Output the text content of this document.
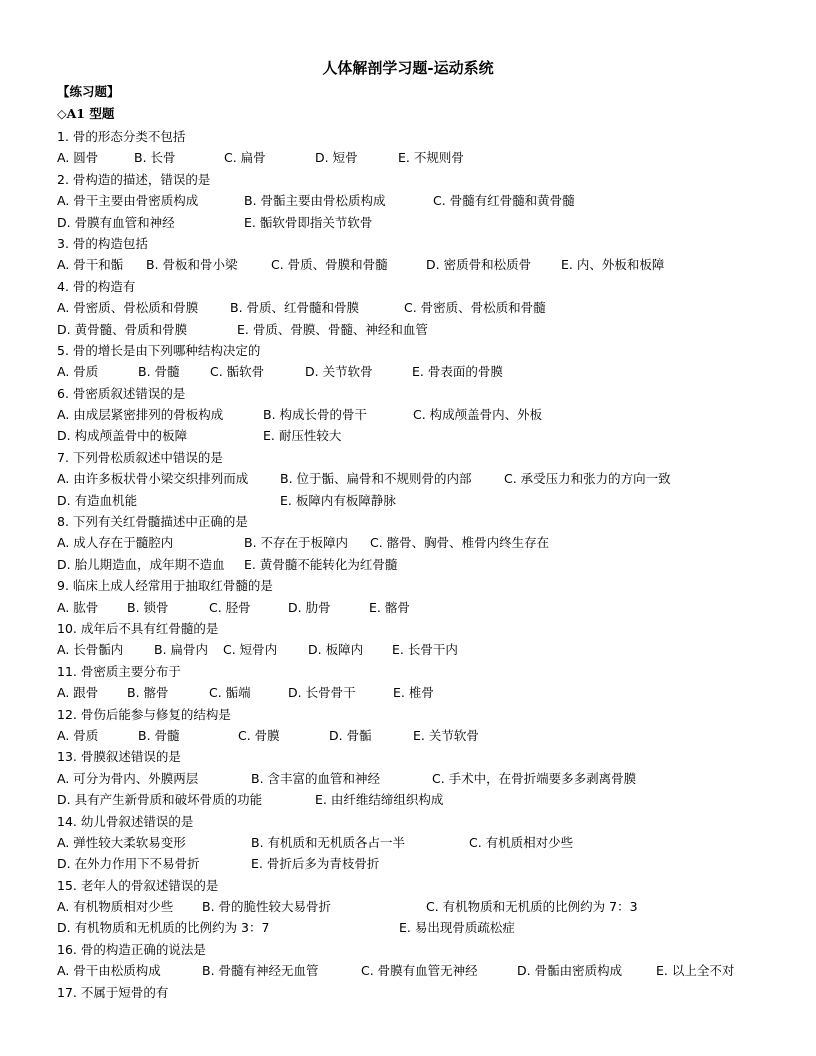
人体解剖学习题-运动系统
【练习题】
◇A1 型题
1. 骨的形态分类不包括
A. 圆骨	B. 长骨	C. 扁骨	D. 短骨	E. 不规则骨
2. 骨构造的描述，错误的是
A. 骨干主要由骨密质构成	B. 骨骺主要由骨松质构成	C. 骨髓有红骨髓和黄骨髓
D. 骨膜有血管和神经	E. 骺软骨即指关节软骨
3. 骨的构造包括
A. 骨干和骺 B. 骨板和骨小梁	C. 骨质、骨膜和骨髓	D. 密质骨和松质骨 E. 内、外板和板障
4. 骨的构造有
A. 骨密质、骨松质和骨膜	B. 骨质、红骨髓和骨膜	C. 骨密质、骨松质和骨髓
D. 黄骨髓、骨质和骨膜	E. 骨质、骨膜、骨髓、神经和血管
5. 骨的增长是由下列哪种结构决定的
A. 骨质	B. 骨髓 C. 骺软骨	D. 关节软骨	E. 骨表面的骨膜
6. 骨密质叙述错误的是
A. 由成层紧密排列的骨板构成	B. 构成长骨的骨干	C. 构成颅盖骨内、外板
D. 构成颅盖骨中的板障	E. 耐压性较大
7. 下列骨松质叙述中错误的是
A. 由许多板状骨小梁交织排列而成	B. 位于骺、扁骨和不规则骨的内部	C. 承受压力和张力的方向一致
D. 有造血机能	E. 板障内有板障静脉
8. 下列有关红骨髓描述中正确的是
A. 成人存在于髓腔内	B. 不存在于板障内 C. 髂骨、胸骨、椎骨内终生存在
D. 胎儿期造血，成年期不造血 E. 黄骨髓不能转化为红骨髓
9. 临床上成人经常用于抽取红骨髓的是
A. 肱骨 B. 锁骨	C. 胫骨	D. 肋骨	E. 髂骨
10. 成年后不具有红骨髓的是
A. 长骨骺内 B. 扁骨内 C. 短骨内 D. 板障内 E. 长骨干内
11. 骨密质主要分布于
A. 跟骨 B. 髂骨	C. 骺端	D. 长骨骨干	E. 椎骨
12. 骨伤后能参与修复的结构是
A. 骨质	B. 骨髓	C. 骨膜	D. 骨骺	E. 关节软骨
13. 骨膜叙述错误的是
A. 可分为骨内、外膜两层	B. 含丰富的血管和神经	C. 手术中，在骨折端要多多剥离骨膜
D. 具有产生新骨质和破坏骨质的功能	E. 由纤维结缔组织构成
14. 幼儿骨叙述错误的是
A. 弹性较大柔软易变形	B. 有机质和无机质各占一半	C. 有机质相对少些
D. 在外力作用下不易骨折	E. 骨折后多为青枝骨折
15. 老年人的骨叙述错误的是
A. 有机物质相对少些 B. 骨的脆性较大易骨折	C. 有机物质和无机质的比例约为 7：3
D. 有机物质和无机质的比例约为 3：7	E. 易出现骨质疏松症
16. 骨的构造正确的说法是
A. 骨干由松质构成	B. 骨髓有神经无血管	C. 骨膜有血管无神经	D. 骨骺由密质构成	E. 以上全不对
17. 不属于短骨的有
